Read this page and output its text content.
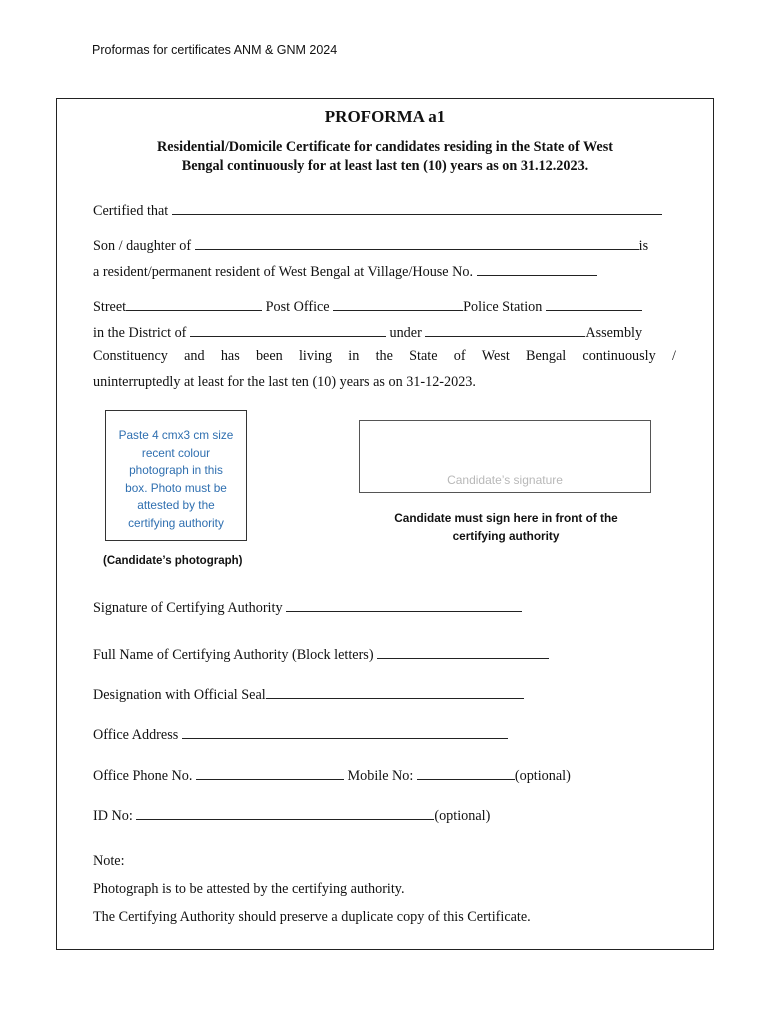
Proformas for certificates ANM & GNM 2024
PROFORMA a1
Residential/Domicile Certificate for candidates residing in the State of West
Bengal continuously for at least last ten (10) years as on 31.12.2023.
Certified that
Son / daughter of	is
a resident/permanent resident of West Bengal at Village/House No.
Street	Post Office	Police Station
in the District of	under	Assembly
Constituency and has been living in the State of West Bengal continuously /
uninterruptedly at least for the last ten (10) years as on 31-12-2023.
Paste 4 cmx3 cm size
recent colour
photograph in this
box. Photo must be
attested by the
certifying authority
(Candidate’s photograph)
Candidate’s signature
Candidate must sign here in front of the
certifying authority
Signature of Certifying Authority
Full Name of Certifying Authority (Block letters)
Designation with Official Seal
Office Address
Office Phone No.	Mobile No:	(optional)
ID No:	(optional)
Note:
Photograph is to be attested by the certifying authority.
The Certifying Authority should preserve a duplicate copy of this Certificate.
